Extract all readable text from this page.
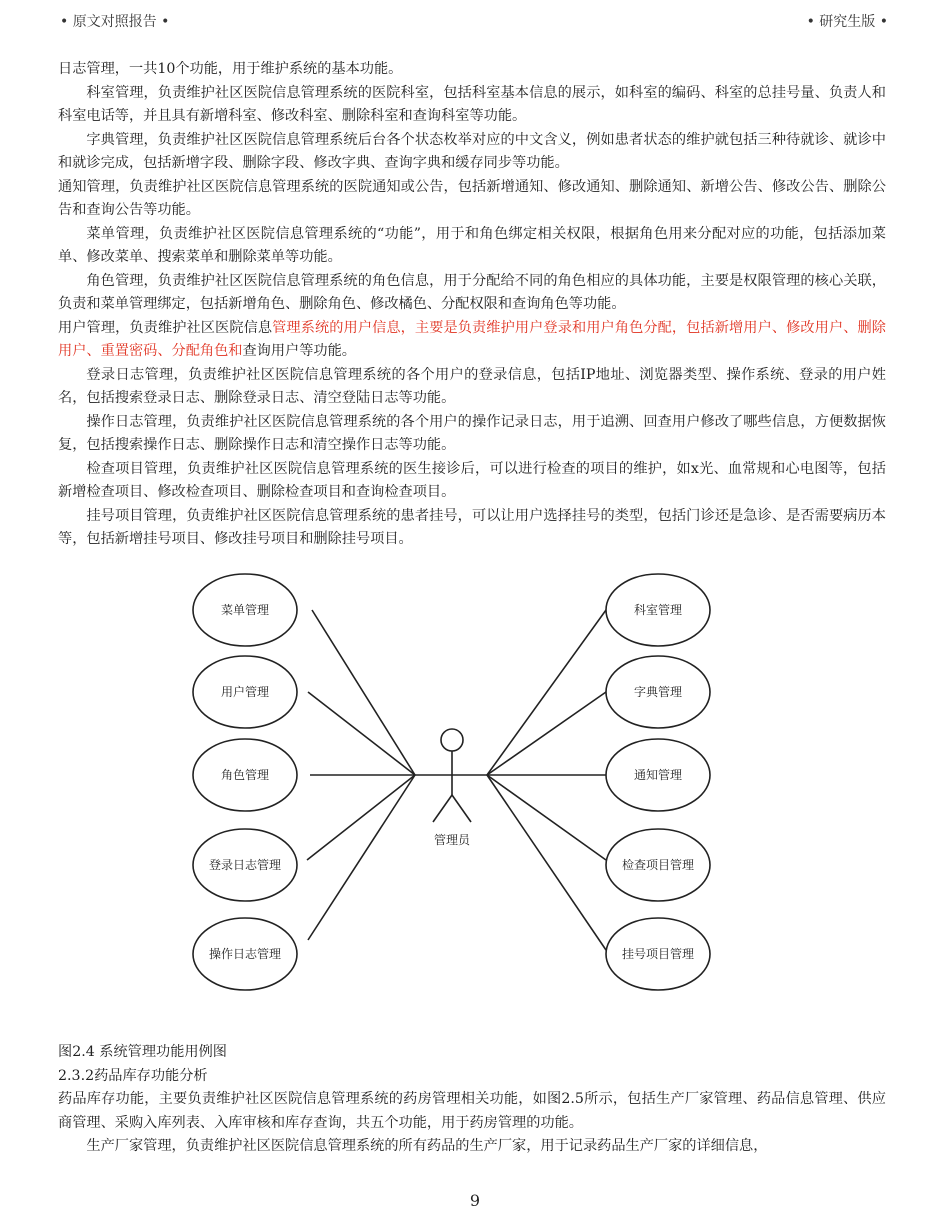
• 原文对照报告 •	• 研究生版 •

日志管理，一共10个功能，用于维护系统的基本功能。

科室管理，负责维护社区医院信息管理系统的医院科室，包括科室基本信息的展示，如科室的编码、科室的总挂号量、负责人和科室电话等，并且具有新增科室、修改科室、删除科室和查询科室等功能。

字典管理，负责维护社区医院信息管理系统后台各个状态枚举对应的中文含义，例如患者状态的维护就包括三种待就诊、就诊中和就诊完成，包括新增字段、删除字段、修改字典、查询字典和缓存同步等功能。

通知管理，负责维护社区医院信息管理系统的医院通知或公告，包括新增通知、修改通知、删除通知、新增公告、修改公告、删除公告和查询公告等功能。

菜单管理，负责维护社区医院信息管理系统的“功能”，用于和角色绑定相关权限，根据角色用来分配对应的功能，包括添加菜单、修改菜单、搜索菜单和删除菜单等功能。

角色管理，负责维护社区医院信息管理系统的角色信息，用于分配给不同的角色相应的具体功能，主要是权限管理的核心关联，负责和菜单管理绑定，包括新增角色、删除角色、修改橘色、分配权限和查询角色等功能。

用户管理，负责维护社区医院信息管理系统的用户信息，主要是负责维护用户登录和用户角色分配，包括新增用户、修改用户、删除用户、重置密码、分配角色和查询用户等功能。

登录日志管理，负责维护社区医院信息管理系统的各个用户的登录信息，包括IP地址、浏览器类型、操作系统、登录的用户姓名，包括搜索登录日志、删除登录日志、清空登陆日志等功能。

操作日志管理，负责维护社区医院信息管理系统的各个用户的操作记录日志，用于追溯、回查用户修改了哪些信息，方便数据恢复，包括搜索操作日志、删除操作日志和清空操作日志等功能。

检查项目管理，负责维护社区医院信息管理系统的医生接诊后，可以进行检查的项目的维护，如x光、血常规和心电图等，包括新增检查项目、修改检查项目、删除检查项目和查询检查项目。

挂号项目管理，负责维护社区医院信息管理系统的患者挂号，可以让用户选择挂号的类型，包括门诊还是急诊、是否需要病历本等，包括新增挂号项目、修改挂号项目和删除挂号项目。

菜单管理
用户管理
角色管理
登录日志管理
操作日志管理
科室管理
字典管理
通知管理
检查项目管理
挂号项目管理
管理员

图2.4 系统管理功能用例图

2.3.2药品库存功能分析

药品库存功能，主要负责维护社区医院信息管理系统的药房管理相关功能，如图2.5所示，包括生产厂家管理、药品信息管理、供应商管理、采购入库列表、入库审核和库存查询，共五个功能，用于药房管理的功能。

生产厂家管理，负责维护社区医院信息管理系统的所有药品的生产厂家，用于记录药品生产厂家的详细信息，

9
